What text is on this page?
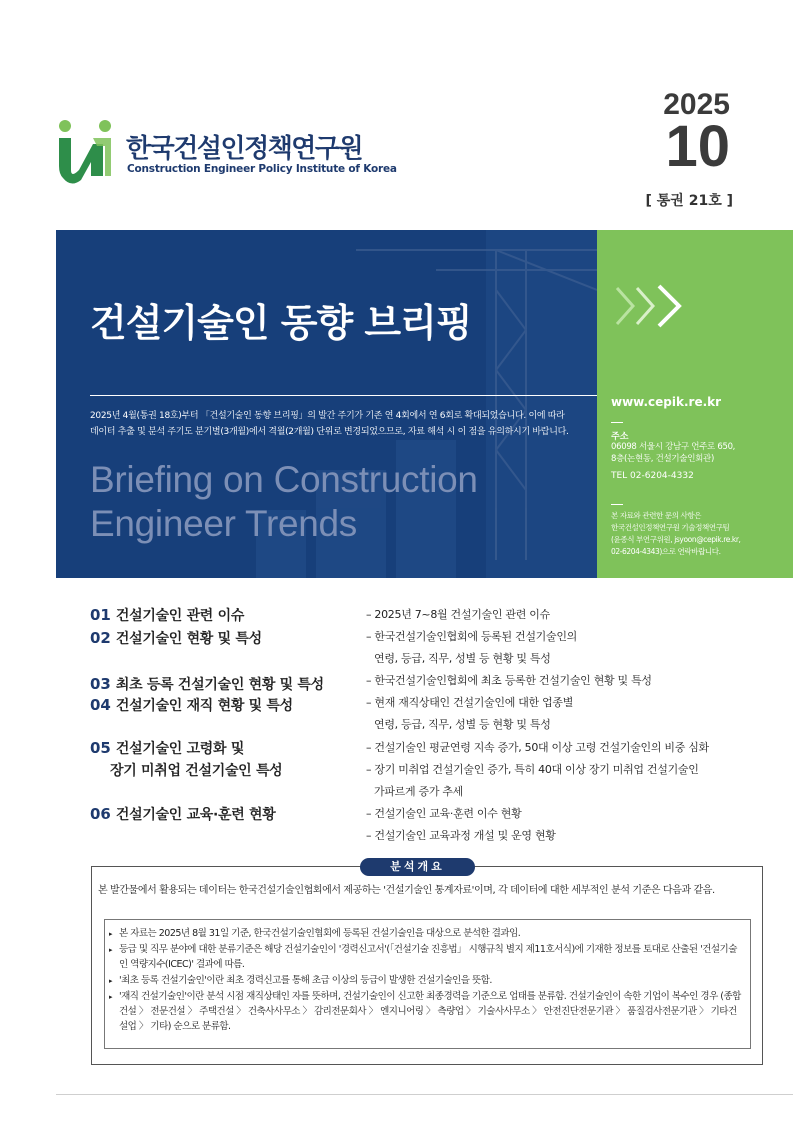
한국건설인정책연구원
Construction Engineer Policy Institute of Korea
2025
10
[ 통권 21호 ]
건설기술인 동향 브리핑
2025년 4월(통권 18호)부터 「건설기술인 동향 브리핑」의 발간 주기가 기존 연 4회에서 연 6회로 확대되었습니다. 이에 따라
데이터 추출 및 분석 주기도 분기별(3개월)에서 격월(2개월) 단위로 변경되었으므로, 자료 해석 시 이 점을 유의하시기 바랍니다.
Briefing on Construction
Engineer Trends
www.cepik.re.kr
주소
06098 서울시 강남구 언주로 650,
8층(논현동, 건설기술인회관)
TEL 02-6204-4332
본 자료와 관련한 문의 사항은
한국건설인정책연구원 기술정책연구팀
(윤종식 부연구위원, jsyoon@cepik.re.kr,
02-6204-4343)으로 연락바랍니다.
01 건설기술인 관련 이슈
02 건설기술인 현황 및 특성
03 최초 등록 건설기술인 현황 및 특성
04 건설기술인 재직 현황 및 특성
05 건설기술인 고령화 및
장기 미취업 건설기술인 특성
06 건설기술인 교육·훈련 현황
– 2025년 7~8월 건설기술인 관련 이슈
– 한국건설기술인협회에 등록된 건설기술인의
연령, 등급, 직무, 성별 등 현황 및 특성
– 한국건설기술인협회에 최초 등록한 건설기술인 현황 및 특성
– 현재 재직상태인 건설기술인에 대한 업종별
연령, 등급, 직무, 성별 등 현황 및 특성
– 건설기술인 평균연령 지속 증가, 50대 이상 고령 건설기술인의 비중 심화
– 장기 미취업 건설기술인 증가, 특히 40대 이상 장기 미취업 건설기술인
가파르게 증가 추세
– 건설기술인 교육·훈련 이수 현황
– 건설기술인 교육과정 개설 및 운영 현황
분석개요
본 발간물에서 활용되는 데이터는 한국건설기술인협회에서 제공하는 '건설기술인 통계자료'이며, 각 데이터에 대한 세부적인 분석 기준은 다음과 같음.
▸ 본 자료는 2025년 8월 31일 기준, 한국건설기술인협회에 등록된 건설기술인을 대상으로 분석한 결과임.
▸ 등급 및 직무 분야에 대한 분류기준은 해당 건설기술인이 '경력신고서'(「건설기술 진흥법」 시행규칙 별지 제11호서식)에 기재한 정보를 토대로 산출된 '건설기술인 역량지수(ICEC)' 결과에 따름.
▸ '최초 등록 건설기술인'이란 최초 경력신고를 통해 초급 이상의 등급이 발생한 건설기술인을 뜻함.
▸ '재직 건설기술인'이란 분석 시점 재직상태인 자를 뜻하며, 건설기술인이 신고한 최종경력을 기준으로 업태를 분류함. 건설기술인이 속한 기업이 복수인 경우 (종합건설 〉 전문건설 〉 주택건설 〉 건축사사무소 〉 감리전문회사 〉 엔지니어링 〉 측량업 〉 기술사사무소 〉 안전진단전문기관 〉 품질검사전문기관 〉 기타건설업 〉 기타) 순으로 분류함.
